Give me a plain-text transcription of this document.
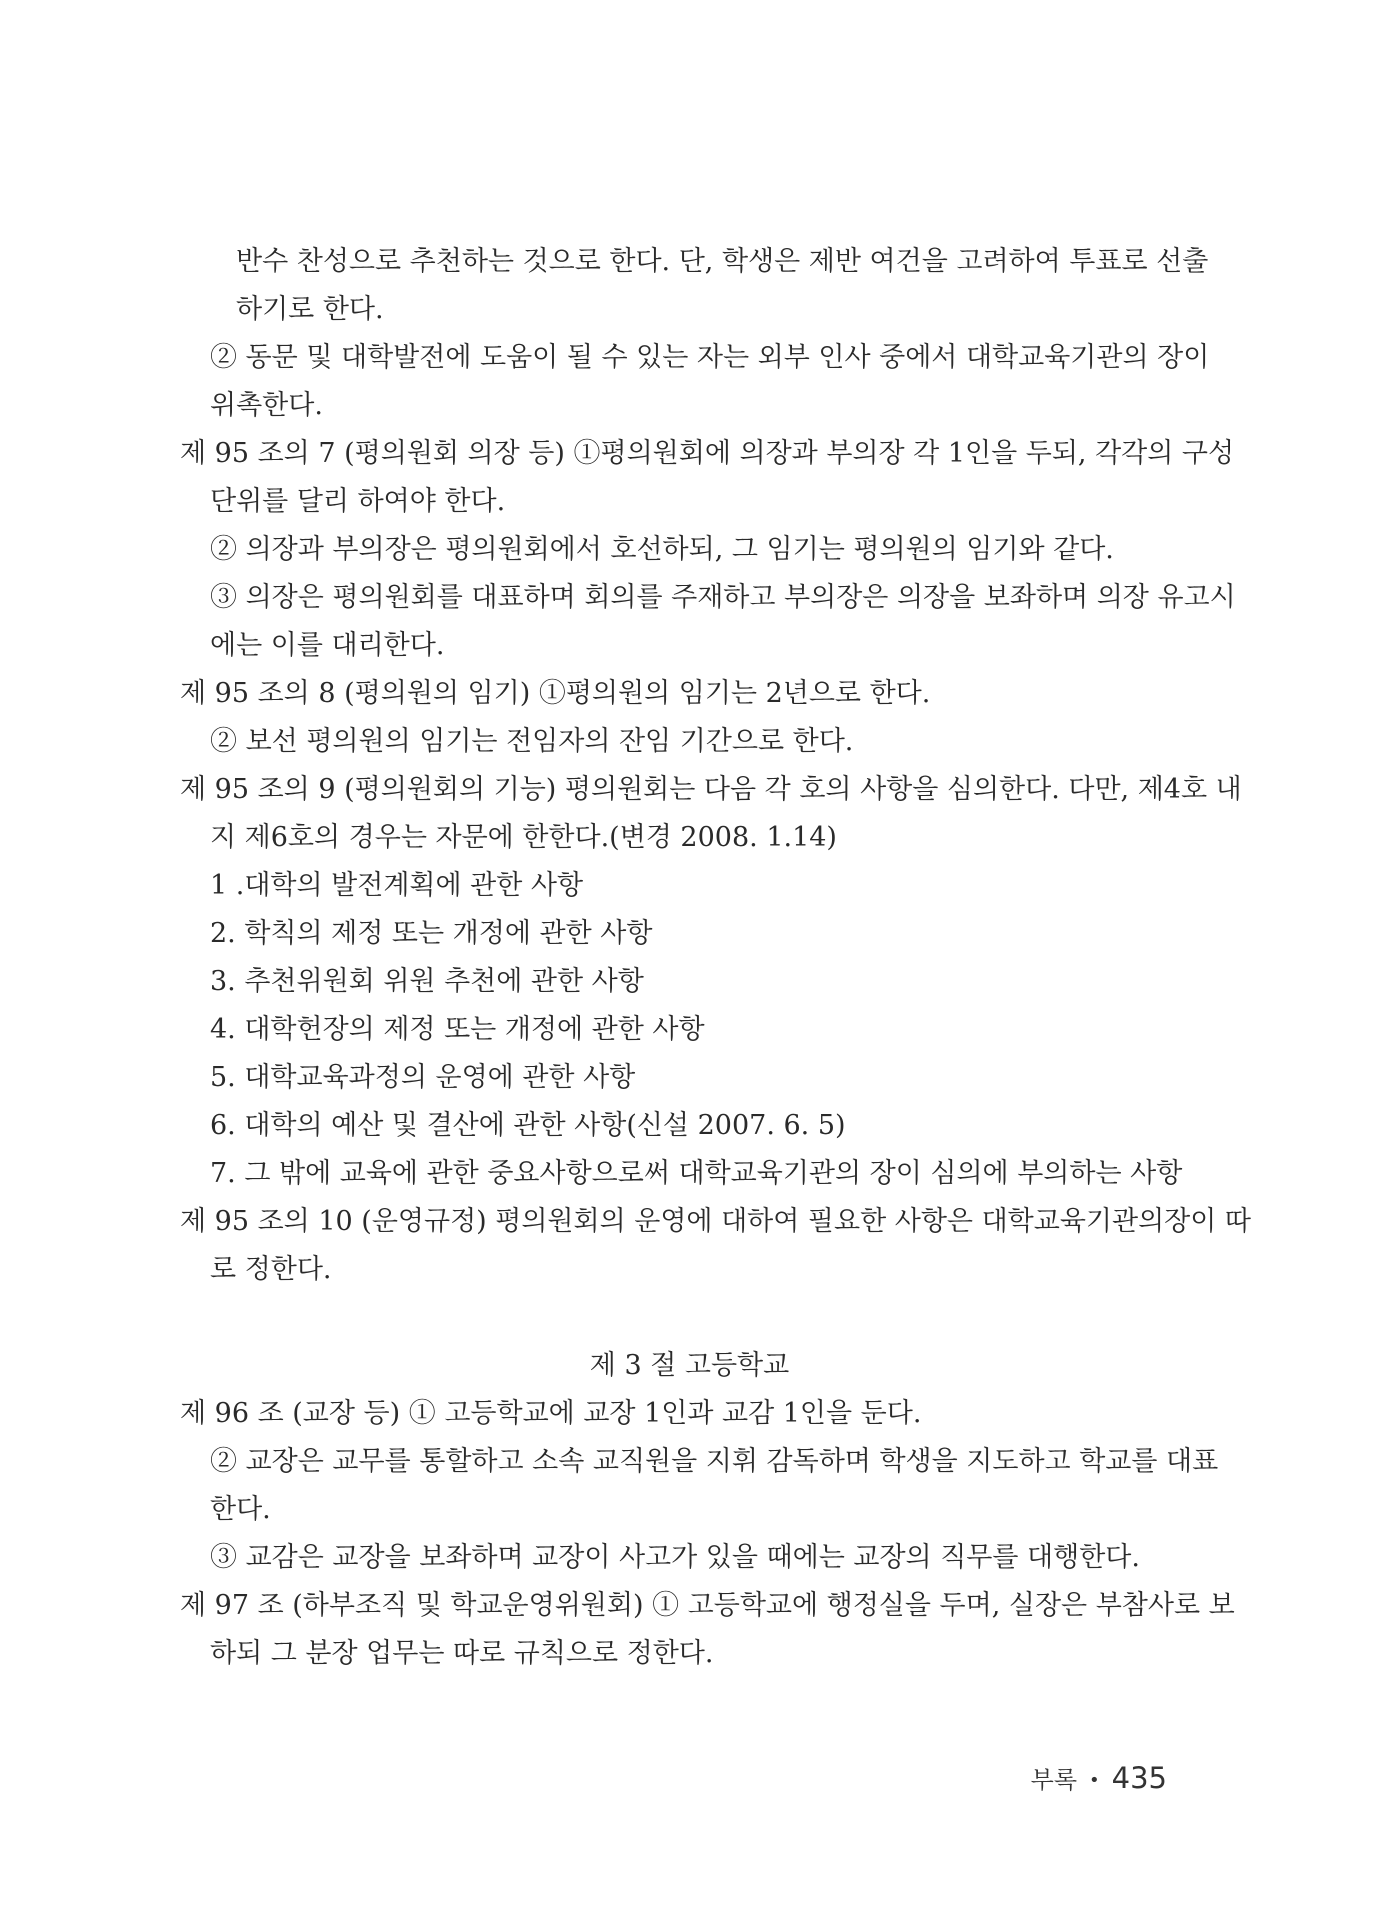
반수 찬성으로 추천하는 것으로 한다. 단, 학생은 제반 여건을 고려하여 투표로 선출
하기로 한다.
② 동문 및 대학발전에 도움이 될 수 있는 자는 외부 인사 중에서 대학교육기관의 장이
위촉한다.
제 95 조의 7 (평의원회 의장 등) ①평의원회에 의장과 부의장 각 1인을 두되, 각각의 구성
단위를 달리 하여야 한다.
② 의장과 부의장은 평의원회에서 호선하되, 그 임기는 평의원의 임기와 같다.
③ 의장은 평의원회를 대표하며 회의를 주재하고 부의장은 의장을 보좌하며 의장 유고시
에는 이를 대리한다.
제 95 조의 8 (평의원의 임기) ①평의원의 임기는 2년으로 한다.
② 보선 평의원의 임기는 전임자의 잔임 기간으로 한다.
제 95 조의 9 (평의원회의 기능) 평의원회는 다음 각 호의 사항을 심의한다. 다만, 제4호 내
지 제6호의 경우는 자문에 한한다.(변경 2008. 1.14)
1 .대학의 발전계획에 관한 사항
2. 학칙의 제정 또는 개정에 관한 사항
3. 추천위원회 위원 추천에 관한 사항
4. 대학헌장의 제정 또는 개정에 관한 사항
5. 대학교육과정의 운영에 관한 사항
6. 대학의 예산 및 결산에 관한 사항(신설 2007. 6. 5)
7. 그 밖에 교육에 관한 중요사항으로써 대학교육기관의 장이 심의에 부의하는 사항
제 95 조의 10 (운영규정) 평의원회의 운영에 대하여 필요한 사항은 대학교육기관의장이 따
로 정한다.
제 3 절 고등학교
제 96 조 (교장 등) ① 고등학교에 교장 1인과 교감 1인을 둔다.
② 교장은 교무를 통할하고 소속 교직원을 지휘 감독하며 학생을 지도하고 학교를 대표
한다.
③ 교감은 교장을 보좌하며 교장이 사고가 있을 때에는 교장의 직무를 대행한다.
제 97 조 (하부조직 및 학교운영위원회) ① 고등학교에 행정실을 두며, 실장은 부참사로 보
하되 그 분장 업무는 따로 규칙으로 정한다.
부록 • 435
